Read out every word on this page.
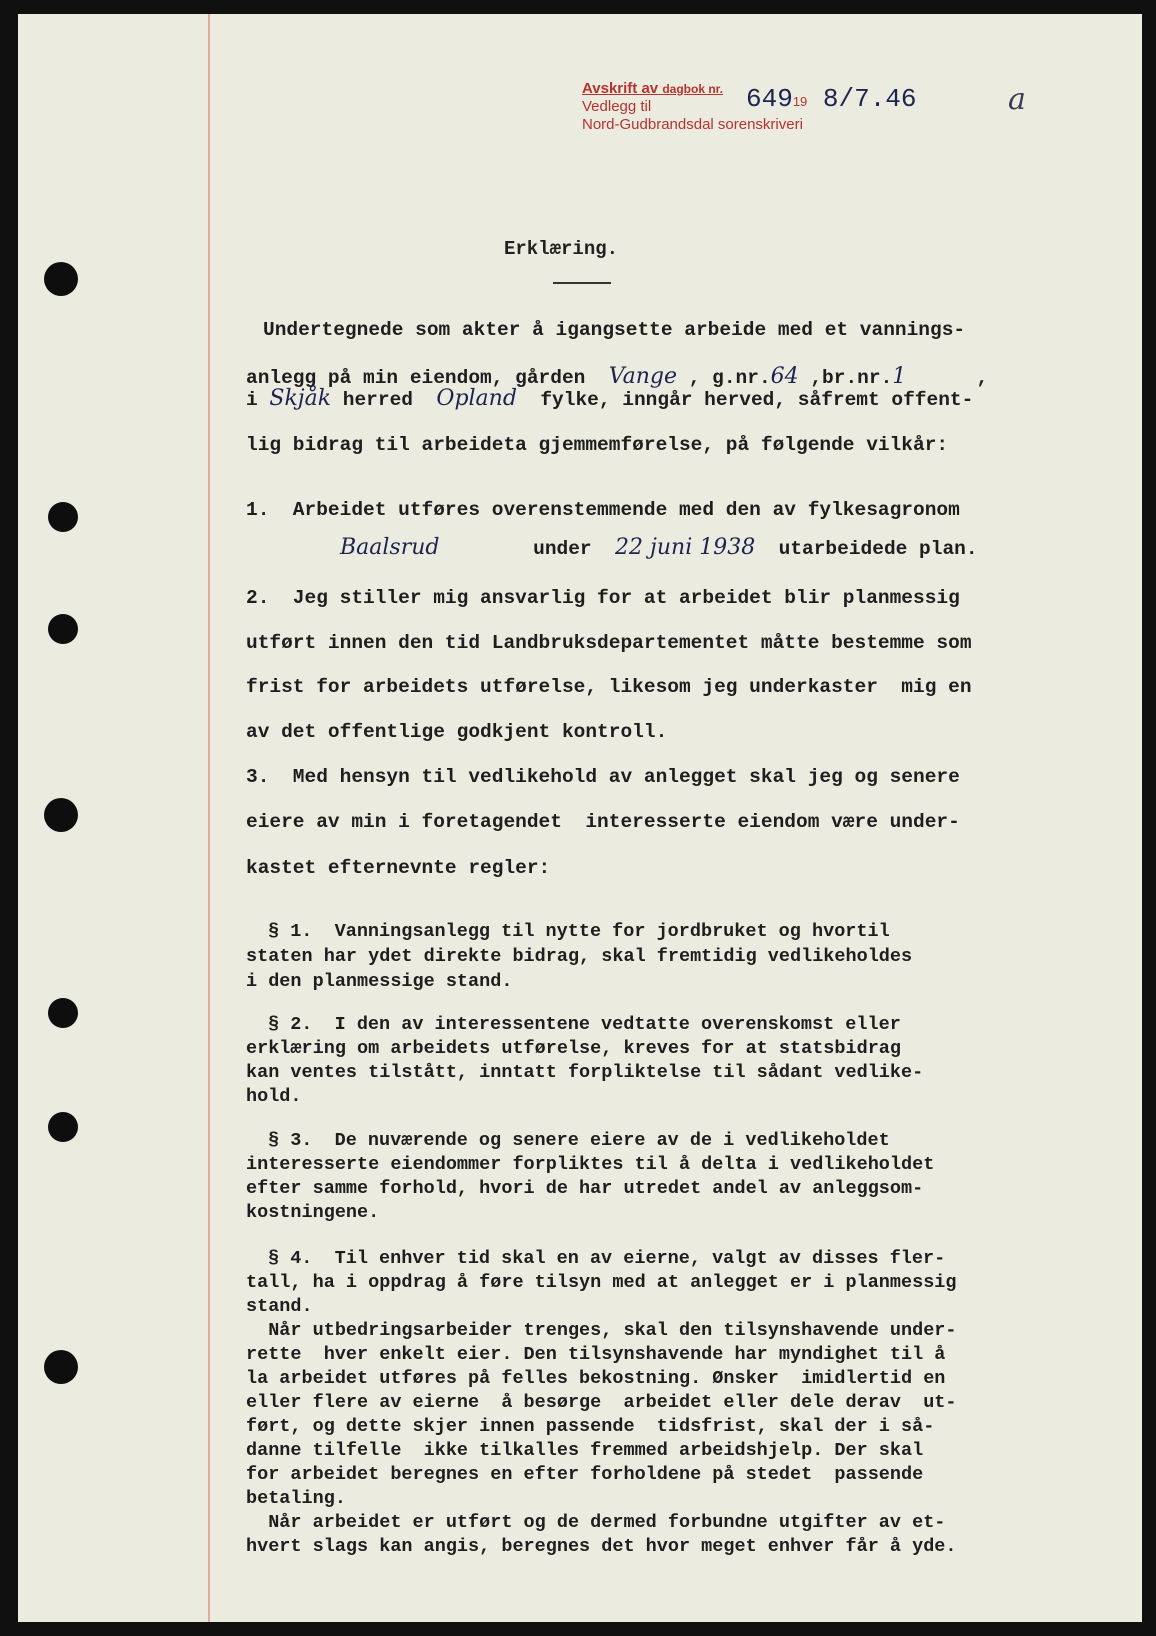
Avskrift av dagbok nr.
Vedlegg til
Nord-Gudbrandsdal sorenskriveri
64919 8/7.46	a
Erklæring.
Undertegnede som akter å igangsette arbeide med et vannings-
anlegg på min eiendom, gården Vange , g.nr.64 ,br.nr.1	,
i Skjåk herred Opland fylke, inngår herved, såfremt offent-
lig bidrag til arbeideta gjemmemførelse, på følgende vilkår:
1.  Arbeidet utføres overenstemmende med den av fylkesagronom
Baalsrud	under 22 juni 1938 utarbeidede plan.
2.  Jeg stiller mig ansvarlig for at arbeidet blir planmessig
utført innen den tid Landbruksdepartementet måtte bestemme som
frist for arbeidets utførelse, likesom jeg underkaster  mig en
av det offentlige godkjent kontroll.
3.  Med hensyn til vedlikehold av anlegget skal jeg og senere
eiere av min i foretagendet  interesserte eiendom være under-
kastet efternevnte regler:
§ 1.  Vanningsanlegg til nytte for jordbruket og hvortil
staten har ydet direkte bidrag, skal fremtidig vedlikeholdes
i den planmessige stand.
§ 2.  I den av interessentene vedtatte overenskomst eller
erklæring om arbeidets utførelse, kreves for at statsbidrag
kan ventes tilstått, inntatt forpliktelse til sådant vedlike-
hold.
§ 3.  De nuværende og senere eiere av de i vedlikeholdet
interesserte eiendommer forpliktes til å delta i vedlikeholdet
efter samme forhold, hvori de har utredet andel av anleggsom-
kostningene.
§ 4.  Til enhver tid skal en av eierne, valgt av disses fler-
tall, ha i oppdrag å føre tilsyn med at anlegget er i planmessig
stand.
Når utbedringsarbeider trenges, skal den tilsynshavende under-
rette  hver enkelt eier. Den tilsynshavende har myndighet til å
la arbeidet utføres på felles bekostning. Ønsker  imidlertid en
eller flere av eierne  å besørge  arbeidet eller dele derav  ut-
ført, og dette skjer innen passende  tidsfrist, skal der i så-
danne tilfelle  ikke tilkalles fremmed arbeidshjelp. Der skal
for arbeidet beregnes en efter forholdene på stedet  passende
betaling.
Når arbeidet er utført og de dermed forbundne utgifter av et-
hvert slags kan angis, beregnes det hvor meget enhver får å yde.
